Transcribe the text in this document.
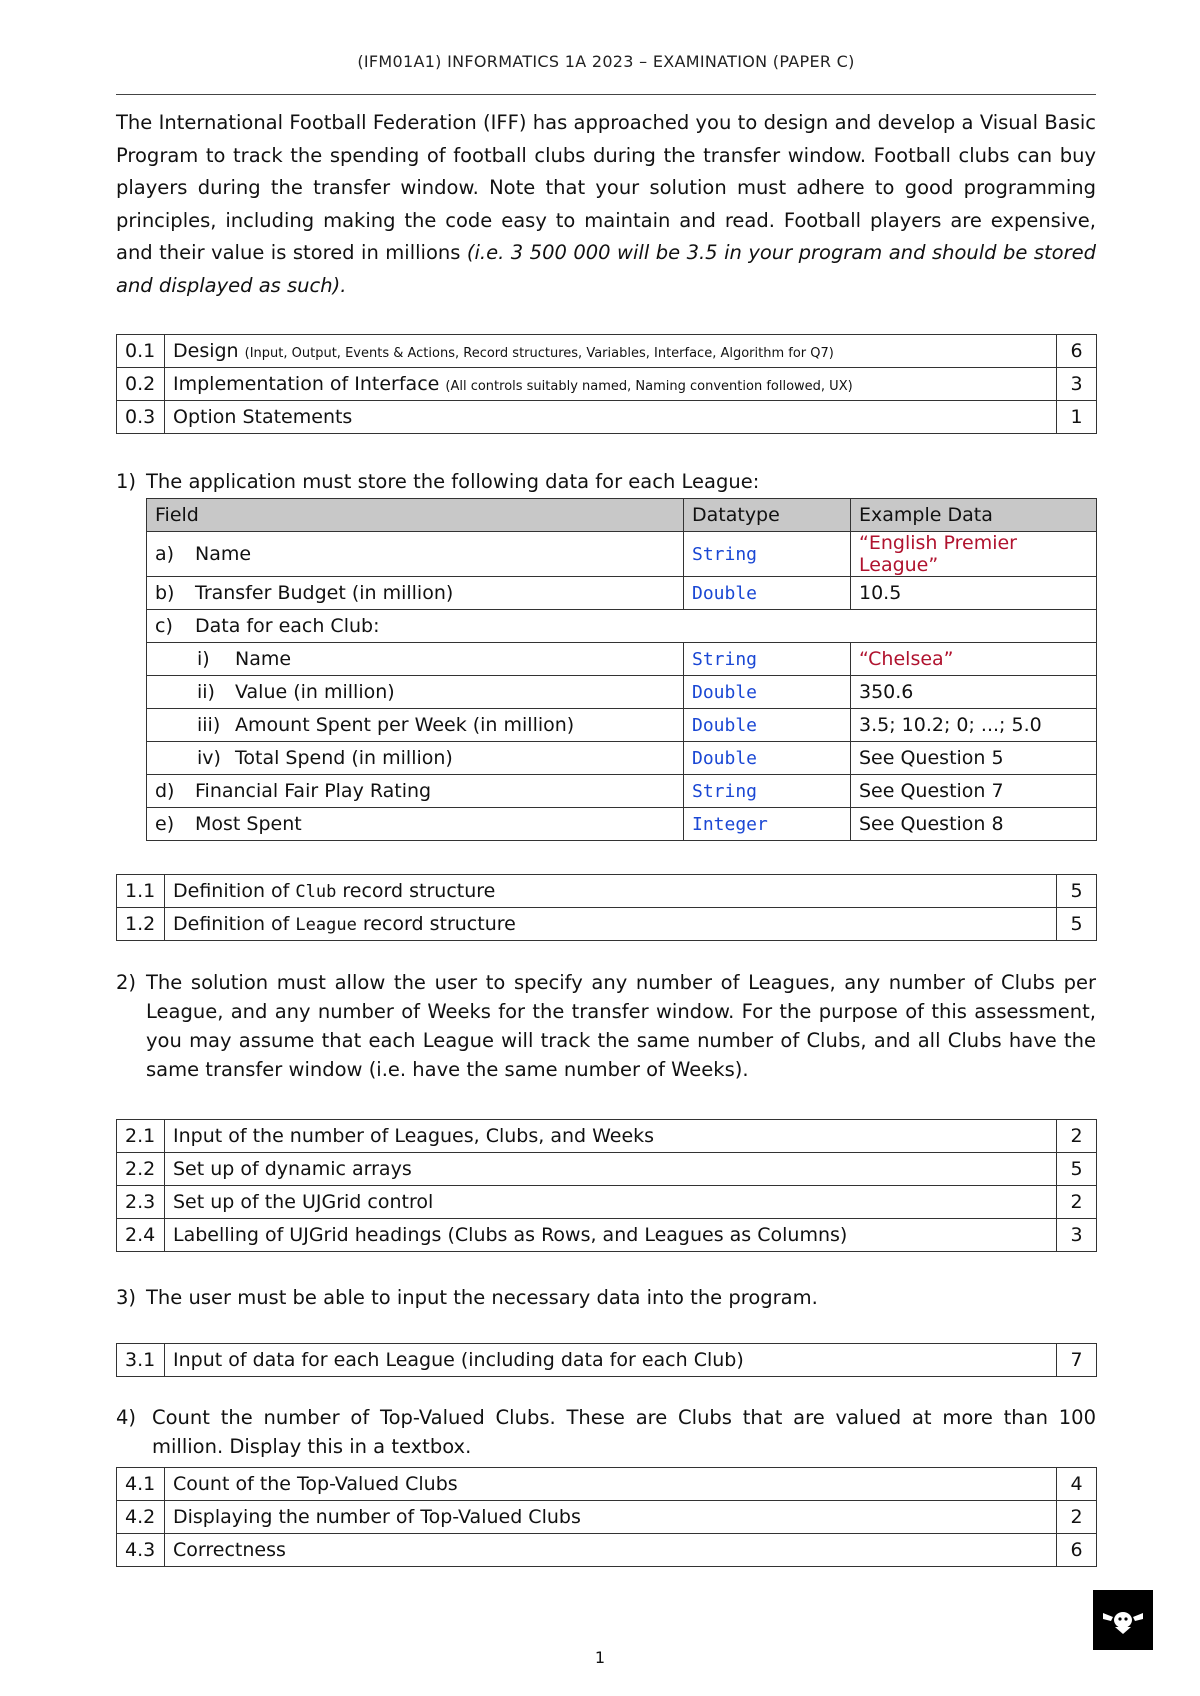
(IFM01A1) INFORMATICS 1A 2023 – EXAMINATION (PAPER C)

The International Football Federation (IFF) has approached you to design and develop a Visual Basic Program to track the spending of football clubs during the transfer window. Football clubs can buy players during the transfer window. Note that your solution must adhere to good programming principles, including making the code easy to maintain and read. Football players are expensive, and their value is stored in millions (i.e. 3 500 000 will be 3.5 in your program and should be stored and displayed as such).

0.1	Design (Input, Output, Events & Actions, Record structures, Variables, Interface, Algorithm for Q7)	6
0.2	Implementation of Interface (All controls suitably named, Naming convention followed, UX)	3
0.3	Option Statements	1
1) The application must store the following data for each League:
Field	Datatype	Example Data
a) Name	String	“English Premier League”
b) Transfer Budget (in million)	Double	10.5
c) Data for each Club:		
i) Name	String	“Chelsea”
ii) Value (in million)	Double	350.6
iii) Amount Spent per Week (in million)	Double	3.5; 10.2; 0; ...; 5.0
iv) Total Spend (in million)	Double	See Question 5
d) Financial Fair Play Rating	String	See Question 7
e) Most Spent	Integer	See Question 8
1.1	Definition of Club record structure	5
1.2	Definition of League record structure	5
2) The solution must allow the user to specify any number of Leagues, any number of Clubs per League, and any number of Weeks for the transfer window. For the purpose of this assessment, you may assume that each League will track the same number of Clubs, and all Clubs have the same transfer window (i.e. have the same number of Weeks).
2.1	Input of the number of Leagues, Clubs, and Weeks	2
2.2	Set up of dynamic arrays	5
2.3	Set up of the UJGrid control	2
2.4	Labelling of UJGrid headings (Clubs as Rows, and Leagues as Columns)	3
3) The user must be able to input the necessary data into the program.
3.1	Input of data for each League (including data for each Club)	7
4) Count the number of Top-Valued Clubs. These are Clubs that are valued at more than 100 million. Display this in a textbox.
4.1	Count of the Top-Valued Clubs	4
4.2	Displaying the number of Top-Valued Clubs	2
4.3	Correctness	6
1
